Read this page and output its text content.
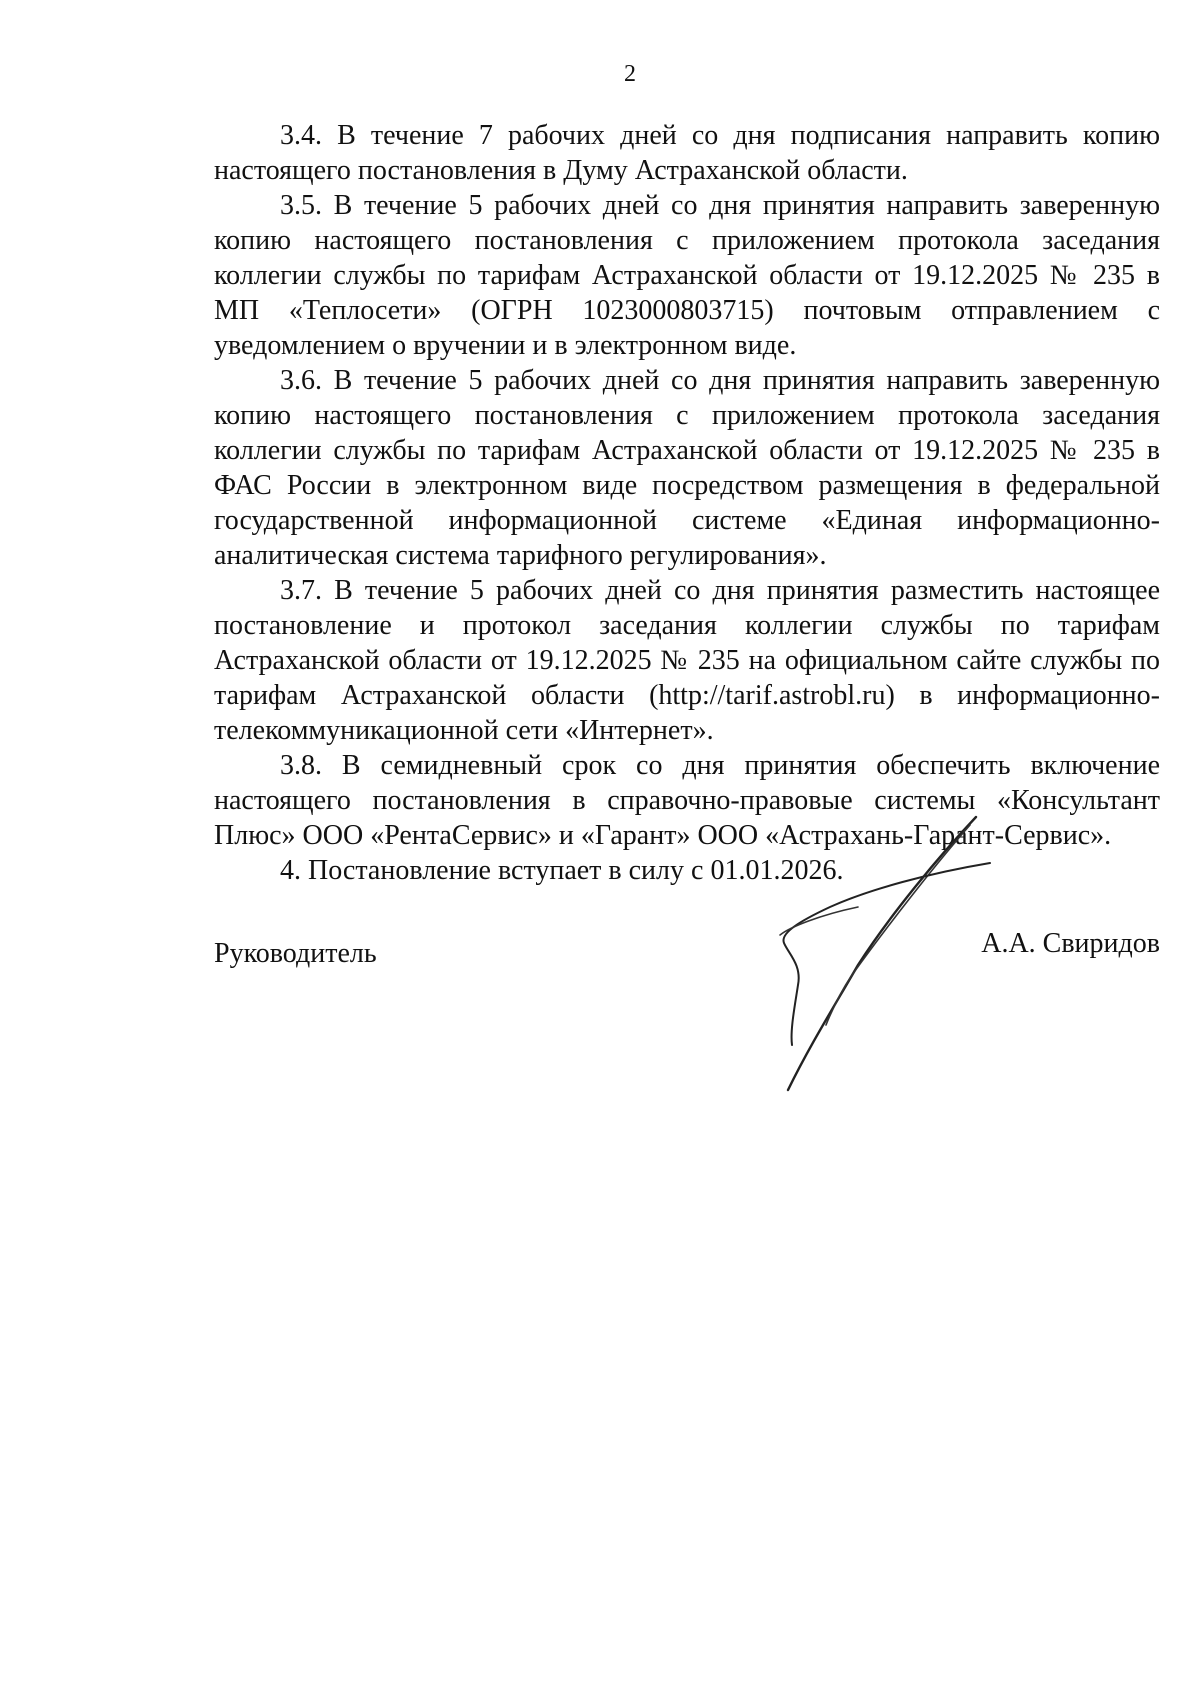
2

3.4. В течение 7 рабочих дней со дня подписания направить копию настоящего постановления в Думу Астраханской области.

3.5. В течение 5 рабочих дней со дня принятия направить заверенную копию настоящего постановления с приложением протокола заседания коллегии службы по тарифам Астраханской области от 19.12.2025 № 235 в МП «Теплосети» (ОГРН 1023000803715) почтовым отправлением с уведомлением о вручении и в электронном виде.

3.6. В течение 5 рабочих дней со дня принятия направить заверенную копию настоящего постановления с приложением протокола заседания коллегии службы по тарифам Астраханской области от 19.12.2025 № 235 в ФАС России в электронном виде посредством размещения в федеральной государственной информационной системе «Единая информационно-аналитическая система тарифного регулирования».

3.7. В течение 5 рабочих дней со дня принятия разместить настоящее постановление и протокол заседания коллегии службы по тарифам Астраханской области от 19.12.2025 № 235 на официальном сайте службы по тарифам Астраханской области (http://tarif.astrobl.ru) в информационно-телекоммуникационной сети «Интернет».

3.8. В семидневный срок со дня принятия обеспечить включение настоящего постановления в справочно-правовые системы «Консультант Плюс» ООО «РентаСервис» и «Гарант» ООО «Астрахань-Гарант-Сервис».

4. Постановление вступает в силу с 01.01.2026.

Руководитель	А.А. Свиридов
